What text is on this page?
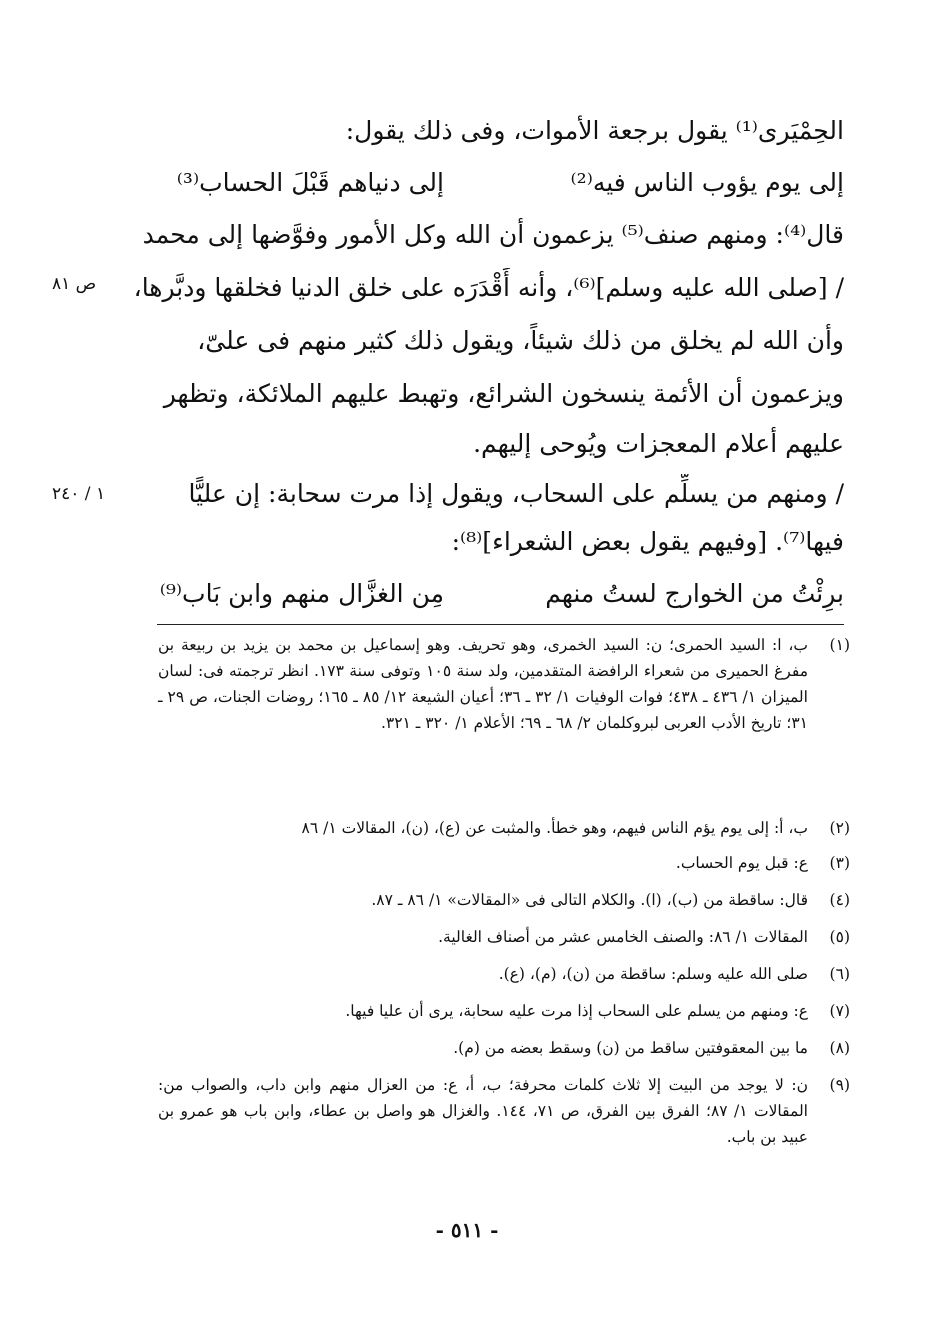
الحِمْيَرى⁽¹⁾ يقول برجعة الأموات، وفى ذلك يقول:
إلى يوم يؤوب الناس فيه⁽²⁾
إلى دنياهم قَبْلَ الحساب⁽³⁾
قال⁽⁴⁾: ومنهم صنف⁽⁵⁾ يزعمون أن الله وكل الأمور وفوَّضها إلى محمد
/ [صلى الله عليه وسلم]⁽⁶⁾، وأنه أَقْدَرَه على خلق الدنيا فخلقها ودبَّرها،
وأن الله لم يخلق من ذلك شيئاً، ويقول ذلك كثير منهم فى علىّ،
ويزعمون أن الأئمة ينسخون الشرائع، وتهبط عليهم الملائكة، وتظهر
عليهم أعلام المعجزات ويُوحى إليهم.
/ ومنهم من يسلِّم على السحاب، ويقول إذا مرت سحابة: إن عليًّا
فيها⁽⁷⁾. [وفيهم يقول بعض الشعراء]⁽⁸⁾:
برِئْتُ من الخوارج لستُ منهم
مِن الغزَّال منهم وابن بَاب⁽⁹⁾
ص ٨١
١ / ٢٤٠
(١)
ب، ا: السيد الحمرى؛ ن: السيد الخمرى، وهو تحريف. وهو إسماعيل بن محمد بن يزيد بن ربيعة بن مفرغ الحميرى من شعراء الرافضة المتقدمين، ولد سنة ١٠٥ وتوفى سنة ١٧٣. انظر ترجمته فى: لسان الميزان ١/ ٤٣٦ ـ ٤٣٨؛ فوات الوفيات ١/ ٣٢ ـ ٣٦؛ أعيان الشيعة ١٢/ ٨٥ ـ ١٦٥؛ روضات الجنات، ص ٢٩ ـ ٣١؛ تاريخ الأدب العربى لبروكلمان ٢/ ٦٨ ـ ٦٩؛ الأعلام ١/ ٣٢٠ ـ ٣٢١.
(٢)
ب، أ: إلى يوم يؤم الناس فيهم، وهو خطأ. والمثبت عن (ع)، (ن)، المقالات ١/ ٨٦
(٣)
ع: قبل يوم الحساب.
(٤)
قال: ساقطة من (ب)، (ا). والكلام التالى فى «المقالات» ١/ ٨٦ ـ ٨٧.
(٥)
المقالات ١/ ٨٦: والصنف الخامس عشر من أصناف الغالية.
(٦)
صلى الله عليه وسلم: ساقطة من (ن)، (م)، (ع).
(٧)
ع: ومنهم من يسلم على السحاب إذا مرت عليه سحابة، يرى أن عليا فيها.
(٨)
ما بين المعقوفتين ساقط من (ن) وسقط بعضه من (م).
(٩)
ن: لا يوجد من البيت إلا ثلاث كلمات محرفة؛ ب، أ، ع: من العزال منهم وابن داب، والصواب من: المقالات ١/ ٨٧؛ الفرق بين الفرق، ص ٧١، ١٤٤. والغزال هو واصل بن عطاء، وابن باب هو عمرو بن عبيد بن باب.
- ٥١١ -
